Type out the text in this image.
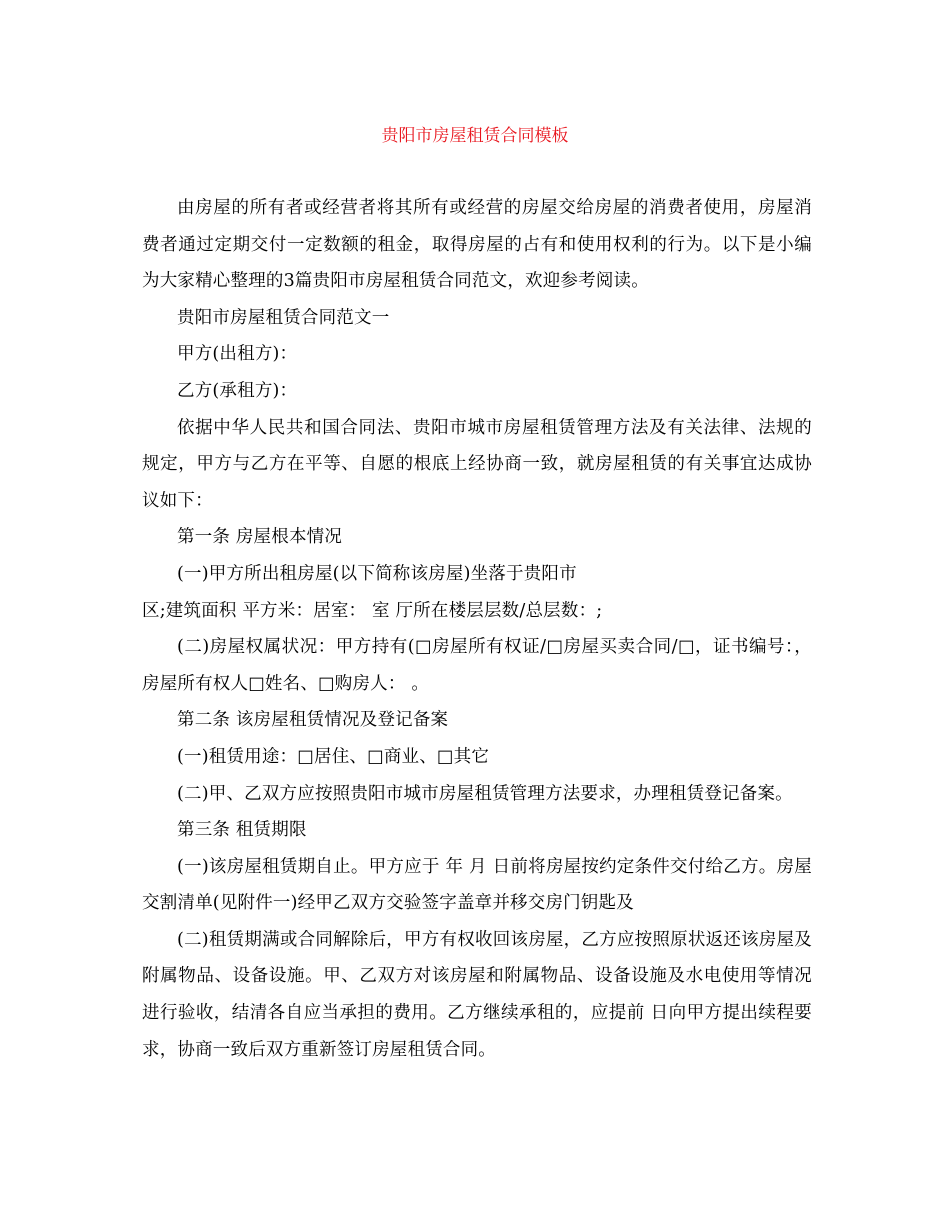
贵阳市房屋租赁合同模板

由房屋的所有者或经营者将其所有或经营的房屋交给房屋的消费者使用，房屋消费者通过定期交付一定数额的租金，取得房屋的占有和使用权利的行为。以下是小编为大家精心整理的3篇贵阳市房屋租赁合同范文，欢迎参考阅读。

贵阳市房屋租赁合同范文一

甲方(出租方)：

乙方(承租方)：

依据中华人民共和国合同法、贵阳市城市房屋租赁管理方法及有关法律、法规的规定，甲方与乙方在平等、自愿的根底上经协商一致，就房屋租赁的有关事宜达成协议如下：

第一条 房屋根本情况

(一)甲方所出租房屋(以下简称该房屋)坐落于贵阳市

区;建筑面积 平方米：居室： 室 厅所在楼层层数/总层数：;

(二)房屋权属状况：甲方持有(□房屋所有权证/□房屋买卖合同/□，证书编号：，房屋所有权人□姓名、□购房人： 。

第二条 该房屋租赁情况及登记备案

(一)租赁用途：□居住、□商业、□其它

(二)甲、乙双方应按照贵阳市城市房屋租赁管理方法要求，办理租赁登记备案。

第三条 租赁期限

(一)该房屋租赁期自止。甲方应于 年 月 日前将房屋按约定条件交付给乙方。房屋交割清单(见附件一)经甲乙双方交验签字盖章并移交房门钥匙及

(二)租赁期满或合同解除后，甲方有权收回该房屋，乙方应按照原状返还该房屋及附属物品、设备设施。甲、乙双方对该房屋和附属物品、设备设施及水电使用等情况进行验收，结清各自应当承担的费用。乙方继续承租的，应提前 日向甲方提出续程要求，协商一致后双方重新签订房屋租赁合同。
